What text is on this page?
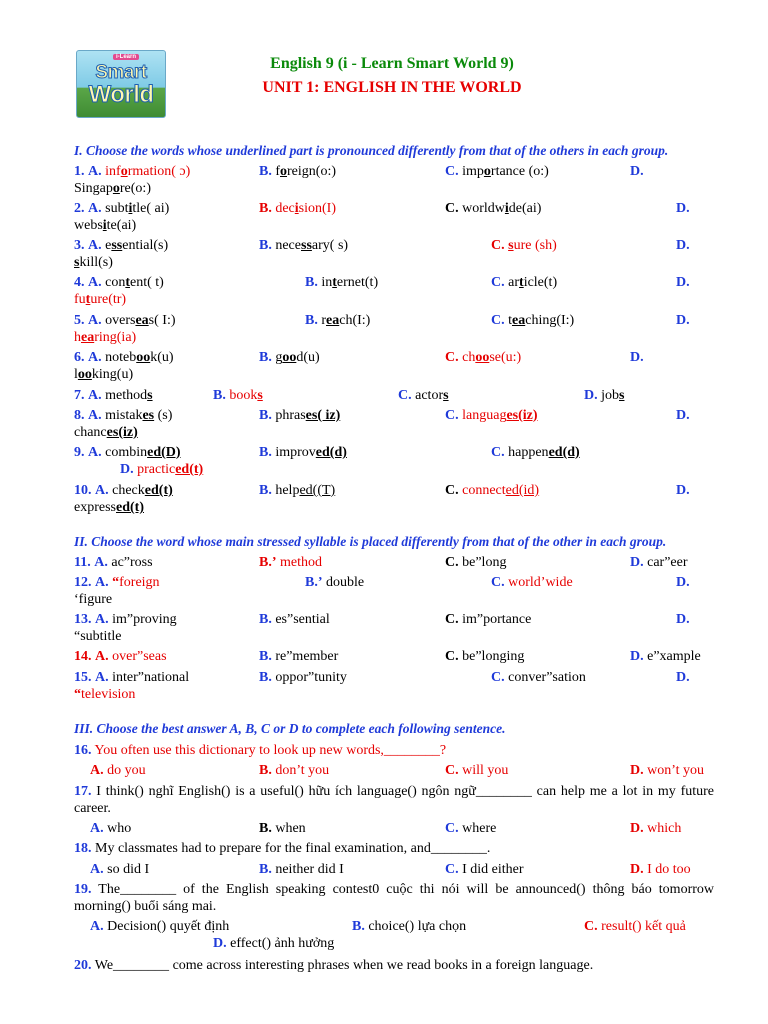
i-Learn
Smart
World
English 9 (i - Learn Smart World 9)
UNIT 1: ENGLISH IN THE WORLD
I. Choose the words whose underlined part is pronounced differently from that of the others in each group.
1. A. information( ɔ)	B. foreign(o:)	C. importance (o:)	D.
Singapore(o:)
2. A. subtitle( ai)	B. decision(I)	C. worldwide(ai)	D.
website(ai)
3. A. essential(s)	B. necessary( s)	C. sure (sh)	D.
skill(s)
4. A. content( t)	B. internet(t)	C. article(t)	D.
future(tr)
5. A. overseas( I:)	B. reach(I:)	C. teaching(I:)	D.
hearing(ia)
6. A. notebook(u)	B. good(u)	C. choose(u:)	D.
looking(u)
7. A. methods	B. books	C. actors	D. jobs
8. A. mistakes (s)	B. phrases( iz)	C. languages(iz)	D.
chances(iz)
9. A. combined(D)	B. improved(d)	C. happened(d)
D. practiced(t)
10. A. checked(t)	B. helped((T)	C. connected(id)	D.
expressed(t)
II. Choose the word whose main stressed syllable is placed differently from that of the other in each group.
11. A. ac”ross	B.’ method	C. be”long	D. car”eer
12. A. “foreign	B.’ double	C. world’wide	D.
‘figure
13. A. im”proving	B. es”sential	C. im”portance	D.
“subtitle
14. A. over”seas	B. re”member	C. be”longing	D. e”xample
15. A. inter”national	B. oppor”tunity	C. conver”sation	D.
“television
III. Choose the best answer A, B, C or D to complete each following sentence.
16. You often use this dictionary to look up new words,________?
A. do you	B. don’t you	C. will you	D. won’t you
17. I think() nghĩ English() is a useful() hữu ích language() ngôn ngữ________ can help me a lot in my future career.
A. who	B. when	C. where	D. which
18. My classmates had to prepare for the final examination, and________.
A. so did I	B. neither did I	C. I did either	D. I do too
19. The________ of the English speaking contest0 cuộc thi nói will be announced() thông báo tomorrow morning() buổi sáng mai.
A. Decision() quyết định	B. choice() lựa chọn	C. result() kết quả
D. effect() ảnh hưởng
20. We________ come across interesting phrases when we read books in a foreign language.
